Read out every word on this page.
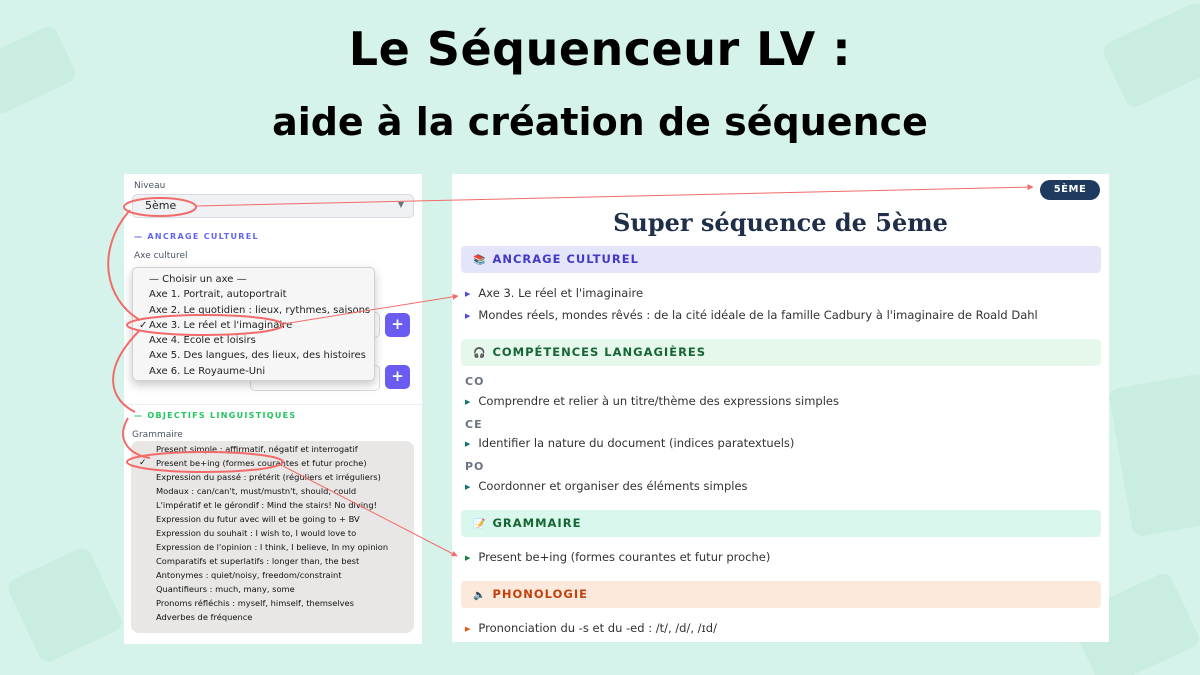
Le Séquenceur LV :
aide à la création de séquence
Niveau
5ème	▼
— ANCRAGE CULTUREL
Axe culturel
— OBJECTIFS LINGUISTIQUES
Grammaire
+
+
— Choisir un axe —
Axe 1. Portrait, autoportrait
Axe 2. Le quotidien : lieux, rythmes, saisons
✓ Axe 3. Le réel et l'imaginaire
Axe 4. École et loisirs
Axe 5. Des langues, des lieux, des histoires
Axe 6. Le Royaume-Uni
Present simple : affirmatif, négatif et interrogatif
✓ Present be+ing (formes courantes et futur proche)
Expression du passé : prétérit (réguliers et irréguliers)
Modaux : can/can't, must/mustn't, should, could
L'impératif et le gérondif : Mind the stairs! No diving!
Expression du futur avec will et be going to + BV
Expression du souhait : I wish to, I would love to
Expression de l'opinion : I think, I believe, In my opinion
Comparatifs et superlatifs : longer than, the best
Antonymes : quiet/noisy, freedom/constraint
Quantifieurs : much, many, some
Pronoms réfléchis : myself, himself, themselves
Adverbes de fréquence
5ÈME
Super séquence de 5ème
📚 ANCRAGE CULTUREL
▶ Axe 3. Le réel et l'imaginaire
▶ Mondes réels, mondes rêvés : de la cité idéale de la famille Cadbury à l'imaginaire de Roald Dahl
🎧 COMPÉTENCES LANGAGIÈRES
CO
▶ Comprendre et relier à un titre/thème des expressions simples
CE
▶ Identifier la nature du document (indices paratextuels)
PO
▶ Coordonner et organiser des éléments simples
📝 GRAMMAIRE
▶ Present be+ing (formes courantes et futur proche)
🔈 PHONOLOGIE
▶ Prononciation du -s et du -ed : /t/, /d/, /ɪd/
